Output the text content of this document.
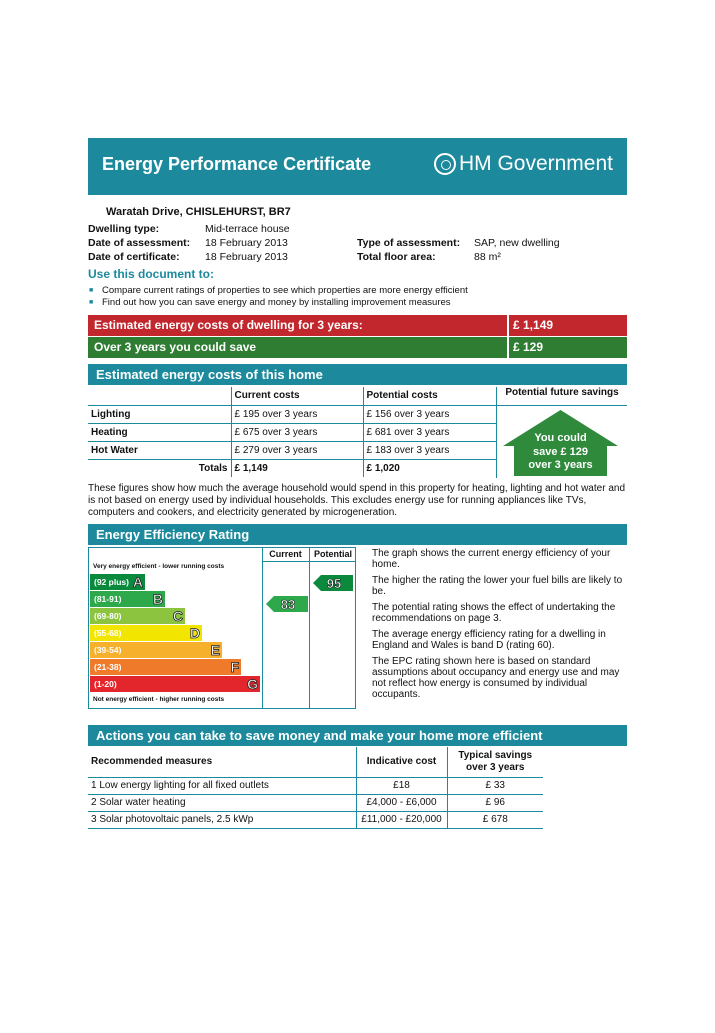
Energy Performance Certificate	HM Government
Waratah Drive, CHISLEHURST, BR7
Dwelling type:	Mid-terrace house
Date of assessment: 18 February 2013
Date of certificate: 18 February 2013
Type of assessment: SAP, new dwelling
Total floor area:	88 m²
Use this document to:
■ Compare current ratings of properties to see which properties are more energy efficient
■ Find out how you can save energy and money by installing improvement measures
Estimated energy costs of dwelling for 3 years:	£ 1,149
Over 3 years you could save	£ 129
Estimated energy costs of this home
	Current costs	Potential costs
Lighting	£ 195 over 3 years	£ 156 over 3 years
Heating	£ 675 over 3 years	£ 681 over 3 years
Hot Water	£ 279 over 3 years	£ 183 over 3 years
Totals	£ 1,149	£ 1,020
Potential future savings
You could
save £ 129
over 3 years
These figures show how much the average household would spend in this property for heating, lighting and hot water and is not based on energy used by individual households. This excludes energy use for running appliances like TVs, computers and cookers, and electricity generated by microgeneration.
Energy Efficiency Rating
Current	Potential
Very energy efficient - lower running costs
Not energy efficient - higher running costs
(92 plus) A
(81-91) B
(69-80)	C
(55-68)	D
(39-54)	E
(21-38)	F
(1-20)	G
83
95
The graph shows the current energy efficiency of your home.
The higher the rating the lower your fuel bills are likely to be.
The potential rating shows the effect of undertaking the recommendations on page 3.
The average energy efficiency rating for a dwelling in England and Wales is band D (rating 60).
The EPC rating shown here is based on standard assumptions about occupancy and energy use and may not reflect how energy is consumed by individual occupants.
Actions you can take to save money and make your home more efficient
Recommended measures	Indicative cost	Typical savings over 3 years
1 Low energy lighting for all fixed outlets	£18	£ 33
2 Solar water heating	£4,000 - £6,000	£ 96
3 Solar photovoltaic panels, 2.5 kWp	£11,000 - £20,000	£ 678
